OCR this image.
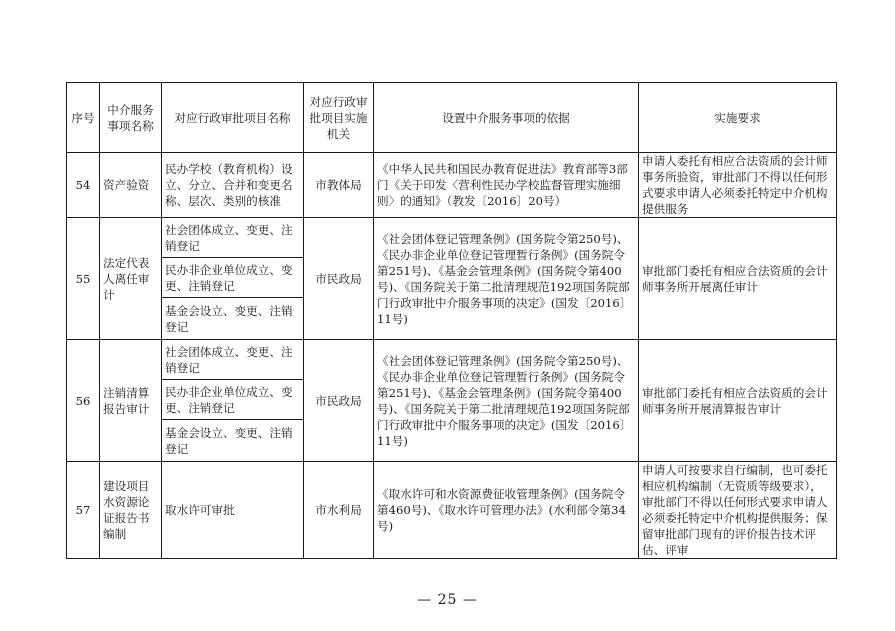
序号	中介服务事项名称	对应行政审批项目名称	对应行政审批项目实施机关	设置中介服务事项的依据	实施要求
54	资产验资	民办学校（教育机构）设立、分立、合并和变更名称、层次、类别的核准	市教体局	《中华人民共和国民办教育促进法》教育部等3部门《关于印发〈营利性民办学校监督管理实施细则〉的通知》（教发〔2016〕20号）	申请人委托有相应合法资质的会计师事务所验资，审批部门不得以任何形式要求申请人必须委托特定中介机构提供服务
55	法定代表人离任审计	社会团体成立、变更、注销登记	市民政局	《社会团体登记管理条例》(国务院令第250号)、《民办非企业单位登记管理暂行条例》(国务院令第251号)、《基金会管理条例》(国务院令第400号)、《国务院关于第二批清理规范192项国务院部门行政审批中介服务事项的决定》(国发〔2016〕11号)	审批部门委托有相应合法资质的会计师事务所开展离任审计
		民办非企业单位成立、变更、注销登记			
		基金会设立、变更、注销登记			
56	注销清算报告审计	社会团体成立、变更、注销登记	市民政局	《社会团体登记管理条例》(国务院令第250号)、《民办非企业单位登记管理暂行条例》(国务院令第251号)、《基金会管理条例》(国务院令第400号)、《国务院关于第二批清理规范192项国务院部门行政审批中介服务事项的决定》(国发〔2016〕11号)	审批部门委托有相应合法资质的会计师事务所开展清算报告审计
		民办非企业单位成立、变更、注销登记			
		基金会设立、变更、注销登记			
57	建设项目水资源论证报告书编制	取水许可审批	市水利局	《取水许可和水资源费征收管理条例》(国务院令第460号)、《取水许可管理办法》(水利部令第34号)	申请人可按要求自行编制，也可委托相应机构编制（无资质等级要求），审批部门不得以任何形式要求申请人必须委托特定中介机构提供服务；保留审批部门现有的评价报告技术评估、评审
— 25 —
